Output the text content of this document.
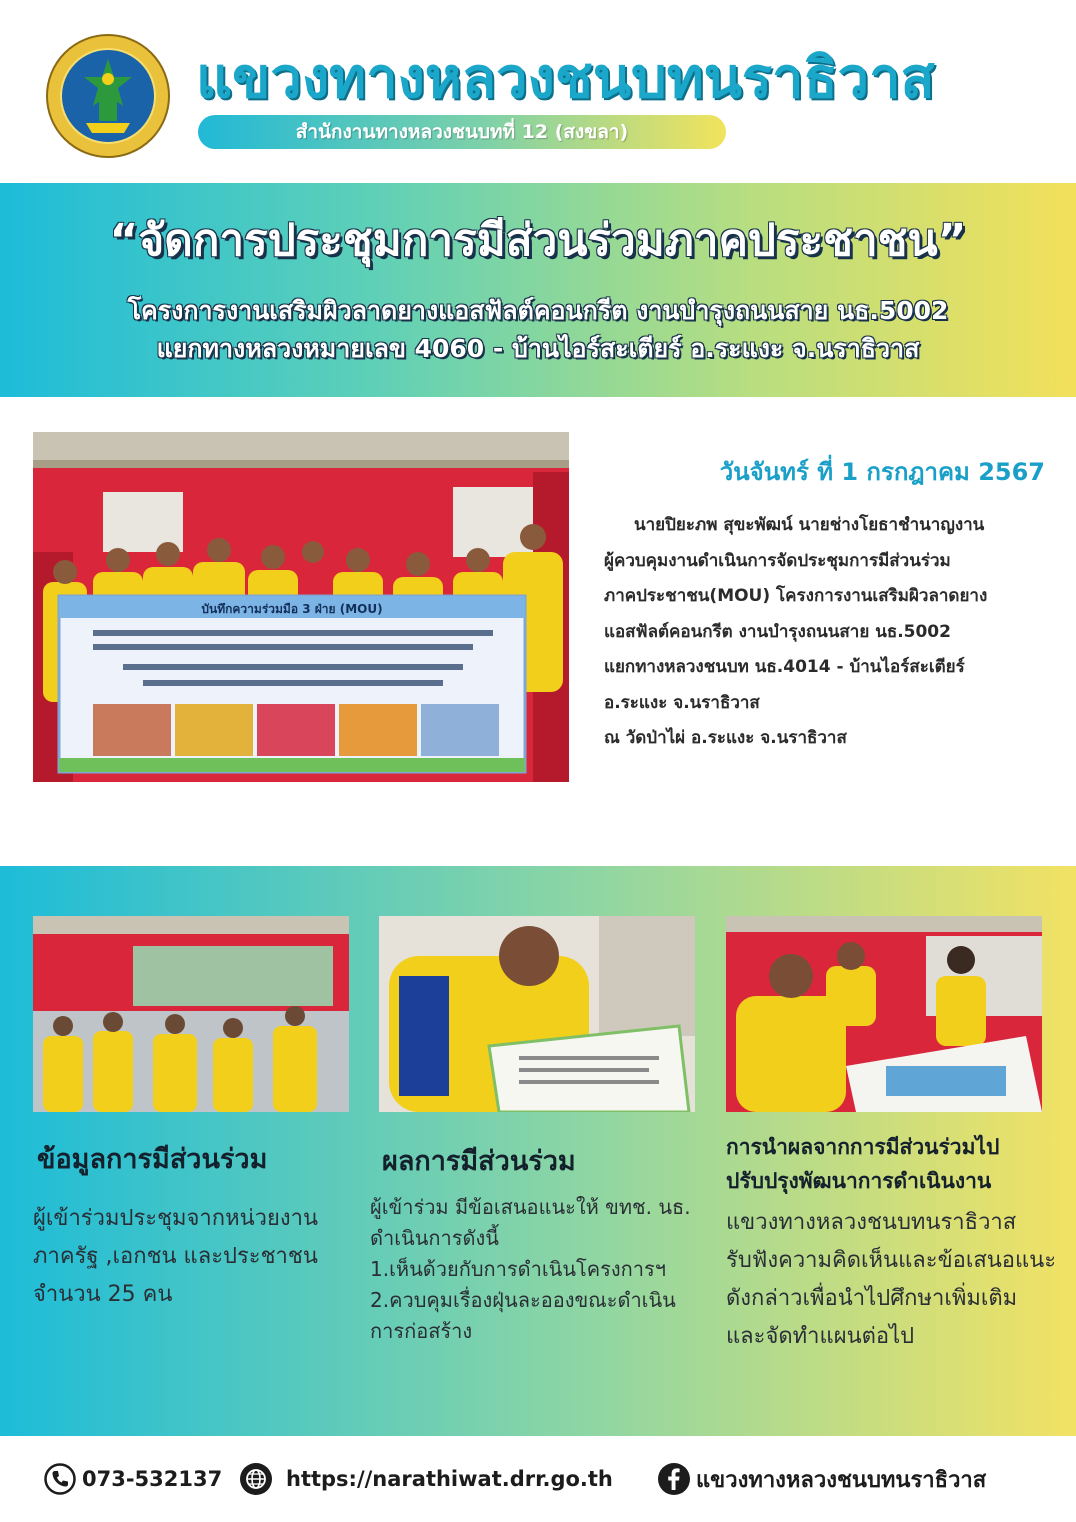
แขวงทางหลวงชนบทนราธิวาส
สำนักงานทางหลวงชนบทที่ 12 (สงขลา)
“จัดการประชุมการมีส่วนร่วมภาคประชาชน”
โครงการงานเสริมผิวลาดยางแอสฟัลต์คอนกรีต งานบำรุงถนนสาย นธ.5002
แยกทางหลวงหมายเลข 4060 - บ้านไอร์สะเตียร์ อ.ระแงะ จ.นราธิวาส
บันทึกความร่วมมือ 3 ฝ่าย (MOU)
วันจันทร์ ที่ 1 กรกฎาคม 2567
นายปิยะภพ สุขะพัฒน์ นายช่างโยธาชำนาญงาน
ผู้ควบคุมงานดำเนินการจัดประชุมการมีส่วนร่วม
ภาคประชาชน(MOU) โครงการงานเสริมผิวลาดยาง
แอสฟัลต์คอนกรีต งานบำรุงถนนสาย นธ.5002
แยกทางหลวงชนบท นธ.4014 - บ้านไอร์สะเตียร์
อ.ระแงะ จ.นราธิวาส
ณ วัดป่าไผ่ อ.ระแงะ จ.นราธิวาส
ข้อมูลการมีส่วนร่วม
ผู้เข้าร่วมประชุมจากหน่วยงาน
ภาครัฐ ,เอกชน และประชาชน
จำนวน 25 คน
ผลการมีส่วนร่วม
ผู้เข้าร่วม มีข้อเสนอแนะให้ ขทช. นธ.
ดำเนินการดังนี้
1.เห็นด้วยกับการดำเนินโครงการฯ
2.ควบคุมเรื่องฝุ่นละอองขณะดำเนิน
การก่อสร้าง
การนำผลจากการมีส่วนร่วมไป
ปรับปรุงพัฒนาการดำเนินงาน
แขวงทางหลวงชนบทนราธิวาส
รับฟังความคิดเห็นและข้อเสนอแนะ
ดังกล่าวเพื่อนำไปศึกษาเพิ่มเติม
และจัดทำแผนต่อไป
073-532137	https://narathiwat.drr.go.th	แขวงทางหลวงชนบทนราธิวาส
